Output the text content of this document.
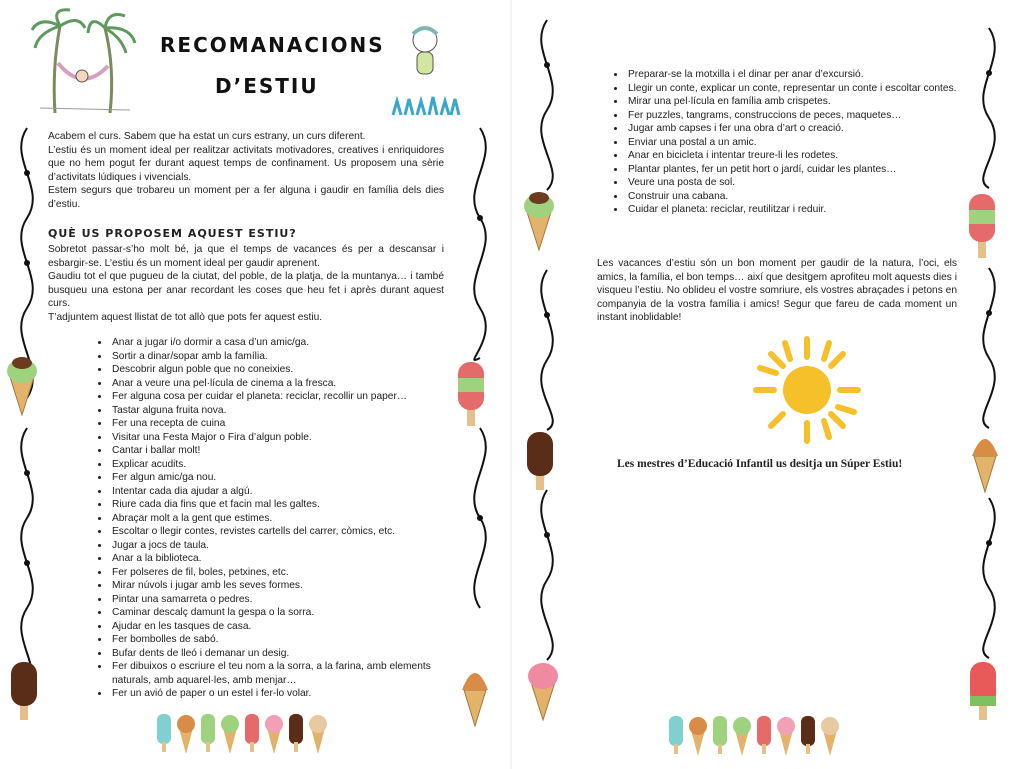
RECOMANACIONS
D’ESTIU

Acabem el curs. Sabem que ha estat un curs estrany, un curs diferent.

L’estiu és un moment ideal per realitzar activitats motivadores, creatives i enriquidores que no hem pogut fer durant aquest temps de confinament. Us proposem una sèrie d’activitats lúdiques i vivencials.

Estem segurs que trobareu un moment per a fer alguna i gaudir en família dels dies d’estiu.

QUÈ US PROPOSEM AQUEST ESTIU?

Sobretot passar-s’ho molt bé, ja que el temps de vacances és per a descansar i esbargir-se. L’estiu és un moment ideal per gaudir aprenent.

Gaudiu tot el que pugueu de la ciutat, del poble, de la platja, de la muntanya… i també busqueu una estona per anar recordant les coses que heu fet i après durant aquest curs.

T’adjuntem aquest llistat de tot allò que pots fer aquest estiu.

• Anar a jugar i/o dormir a casa d’un amic/ga.
• Sortir a dinar/sopar amb la família.
• Descobrir algun poble que no coneixies.
• Anar a veure una pel·lícula de cinema a la fresca.
• Fer alguna cosa per cuidar el planeta: reciclar, recollir un paper…
• Tastar alguna fruita nova.
• Fer una recepta de cuina
• Visitar una Festa Major o Fira d’algun poble.
• Cantar i ballar molt!
• Explicar acudits.
• Fer algun amic/ga nou.
• Intentar cada dia ajudar a algú.
• Riure cada dia fins que et facin mal les galtes.
• Abraçar molt a la gent que estimes.
• Escoltar o llegir contes, revistes cartells del carrer, còmics, etc.
• Jugar a jocs de taula.
• Anar a la biblioteca.
• Fer polseres de fil, boles, petxines, etc.
• Mirar núvols i jugar amb les seves formes.
• Pintar una samarreta o pedres.
• Caminar descalç damunt la gespa o la sorra.
• Ajudar en les tasques de casa.
• Fer bombolles de sabó.
• Bufar dents de lleó i demanar un desig.
• Fer dibuixos o escriure el teu nom a la sorra, a la farina, amb elements naturals, amb aquarel·les, amb menjar…
• Fer un avió de paper o un estel i fer-lo volar.
• Preparar-se la motxilla i el dinar per anar d’excursió.
• Llegir un conte, explicar un conte, representar un conte i escoltar contes.
• Mirar una pel·lícula en família amb crispetes.
• Fer puzzles, tangrams, construccions de peces, maquetes…
• Jugar amb capses i fer una obra d’art o creació.
• Enviar una postal a un amic.
• Anar en bicicleta i intentar treure-li les rodetes.
• Plantar plantes, fer un petit hort o jardí, cuidar les plantes…
• Veure una posta de sol.
• Construir una cabana.
• Cuidar el planeta: reciclar, reutilitzar i reduir.

Les vacances d’estiu són un bon moment per gaudir de la natura, l’oci, els amics, la família, el bon temps… així que desitgem aprofiteu molt aquests dies i visqueu l’estiu. No oblideu el vostre somriure, els vostres abraçades i petons en companyia de la vostra família i amics! Segur que fareu de cada moment un instant inoblidable!

Les mestres d’Educació Infantil us desitja un Súper Estiu!
